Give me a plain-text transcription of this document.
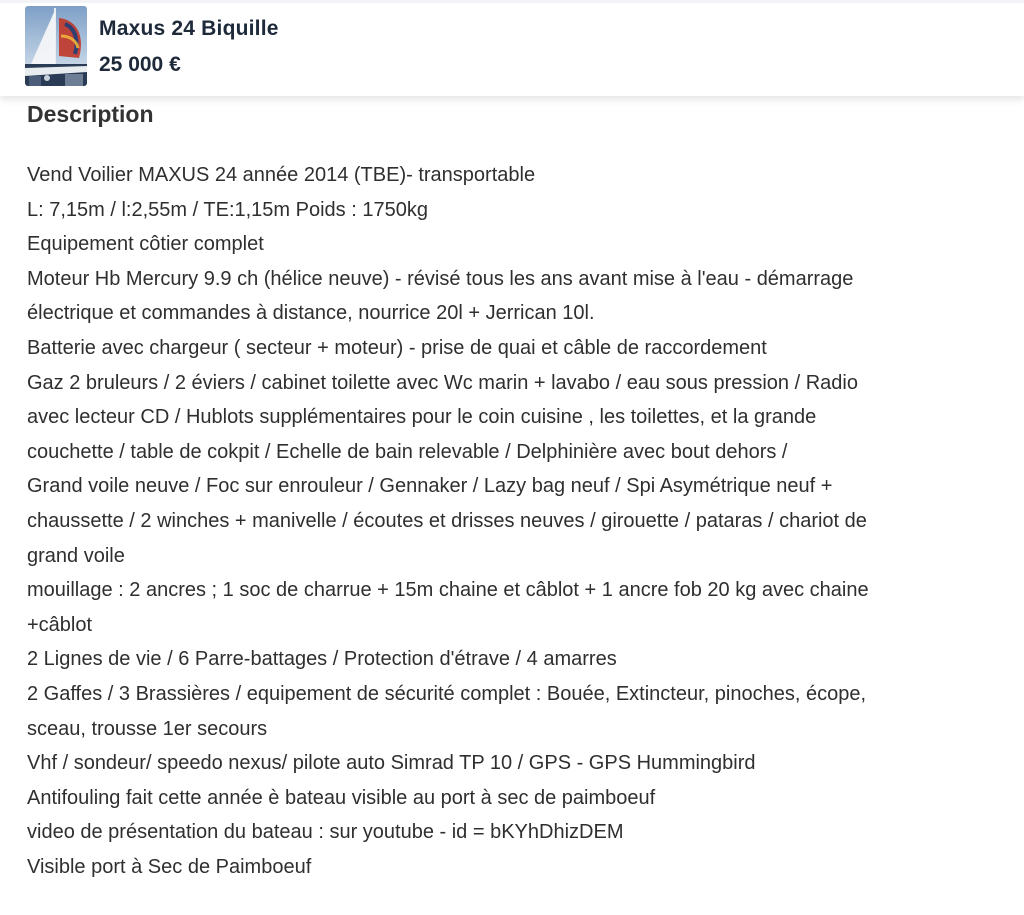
Maxus 24 Biquille
25 000 €
Description
Vend Voilier MAXUS 24 année 2014 (TBE)- transportable
L: 7,15m / l:2,55m / TE:1,15m Poids : 1750kg
Equipement côtier complet
Moteur Hb Mercury 9.9 ch (hélice neuve) - révisé tous les ans avant mise à l'eau - démarrage
électrique et commandes à distance, nourrice 20l + Jerrican 10l.
Batterie avec chargeur ( secteur + moteur) - prise de quai et câble de raccordement
Gaz 2 bruleurs / 2 éviers / cabinet toilette avec Wc marin + lavabo / eau sous pression / Radio
avec lecteur CD / Hublots supplémentaires pour le coin cuisine , les toilettes, et la grande
couchette / table de cokpit / Echelle de bain relevable / Delphinière avec bout dehors /
Grand voile neuve / Foc sur enrouleur / Gennaker / Lazy bag neuf / Spi Asymétrique neuf +
chaussette / 2 winches + manivelle / écoutes et drisses neuves / girouette / pataras / chariot de
grand voile
mouillage : 2 ancres ; 1 soc de charrue + 15m chaine et câblot + 1 ancre fob 20 kg avec chaine
+câblot
2 Lignes de vie / 6 Parre-battages / Protection d'étrave / 4 amarres
2 Gaffes / 3 Brassières / equipement de sécurité complet : Bouée, Extincteur, pinoches, écope,
sceau, trousse 1er secours
Vhf / sondeur/ speedo nexus/ pilote auto Simrad TP 10 / GPS - GPS Hummingbird
Antifouling fait cette année è bateau visible au port à sec de paimboeuf
video de présentation du bateau : sur youtube - id = bKYhDhizDEM
Visible port à Sec de Paimboeuf
